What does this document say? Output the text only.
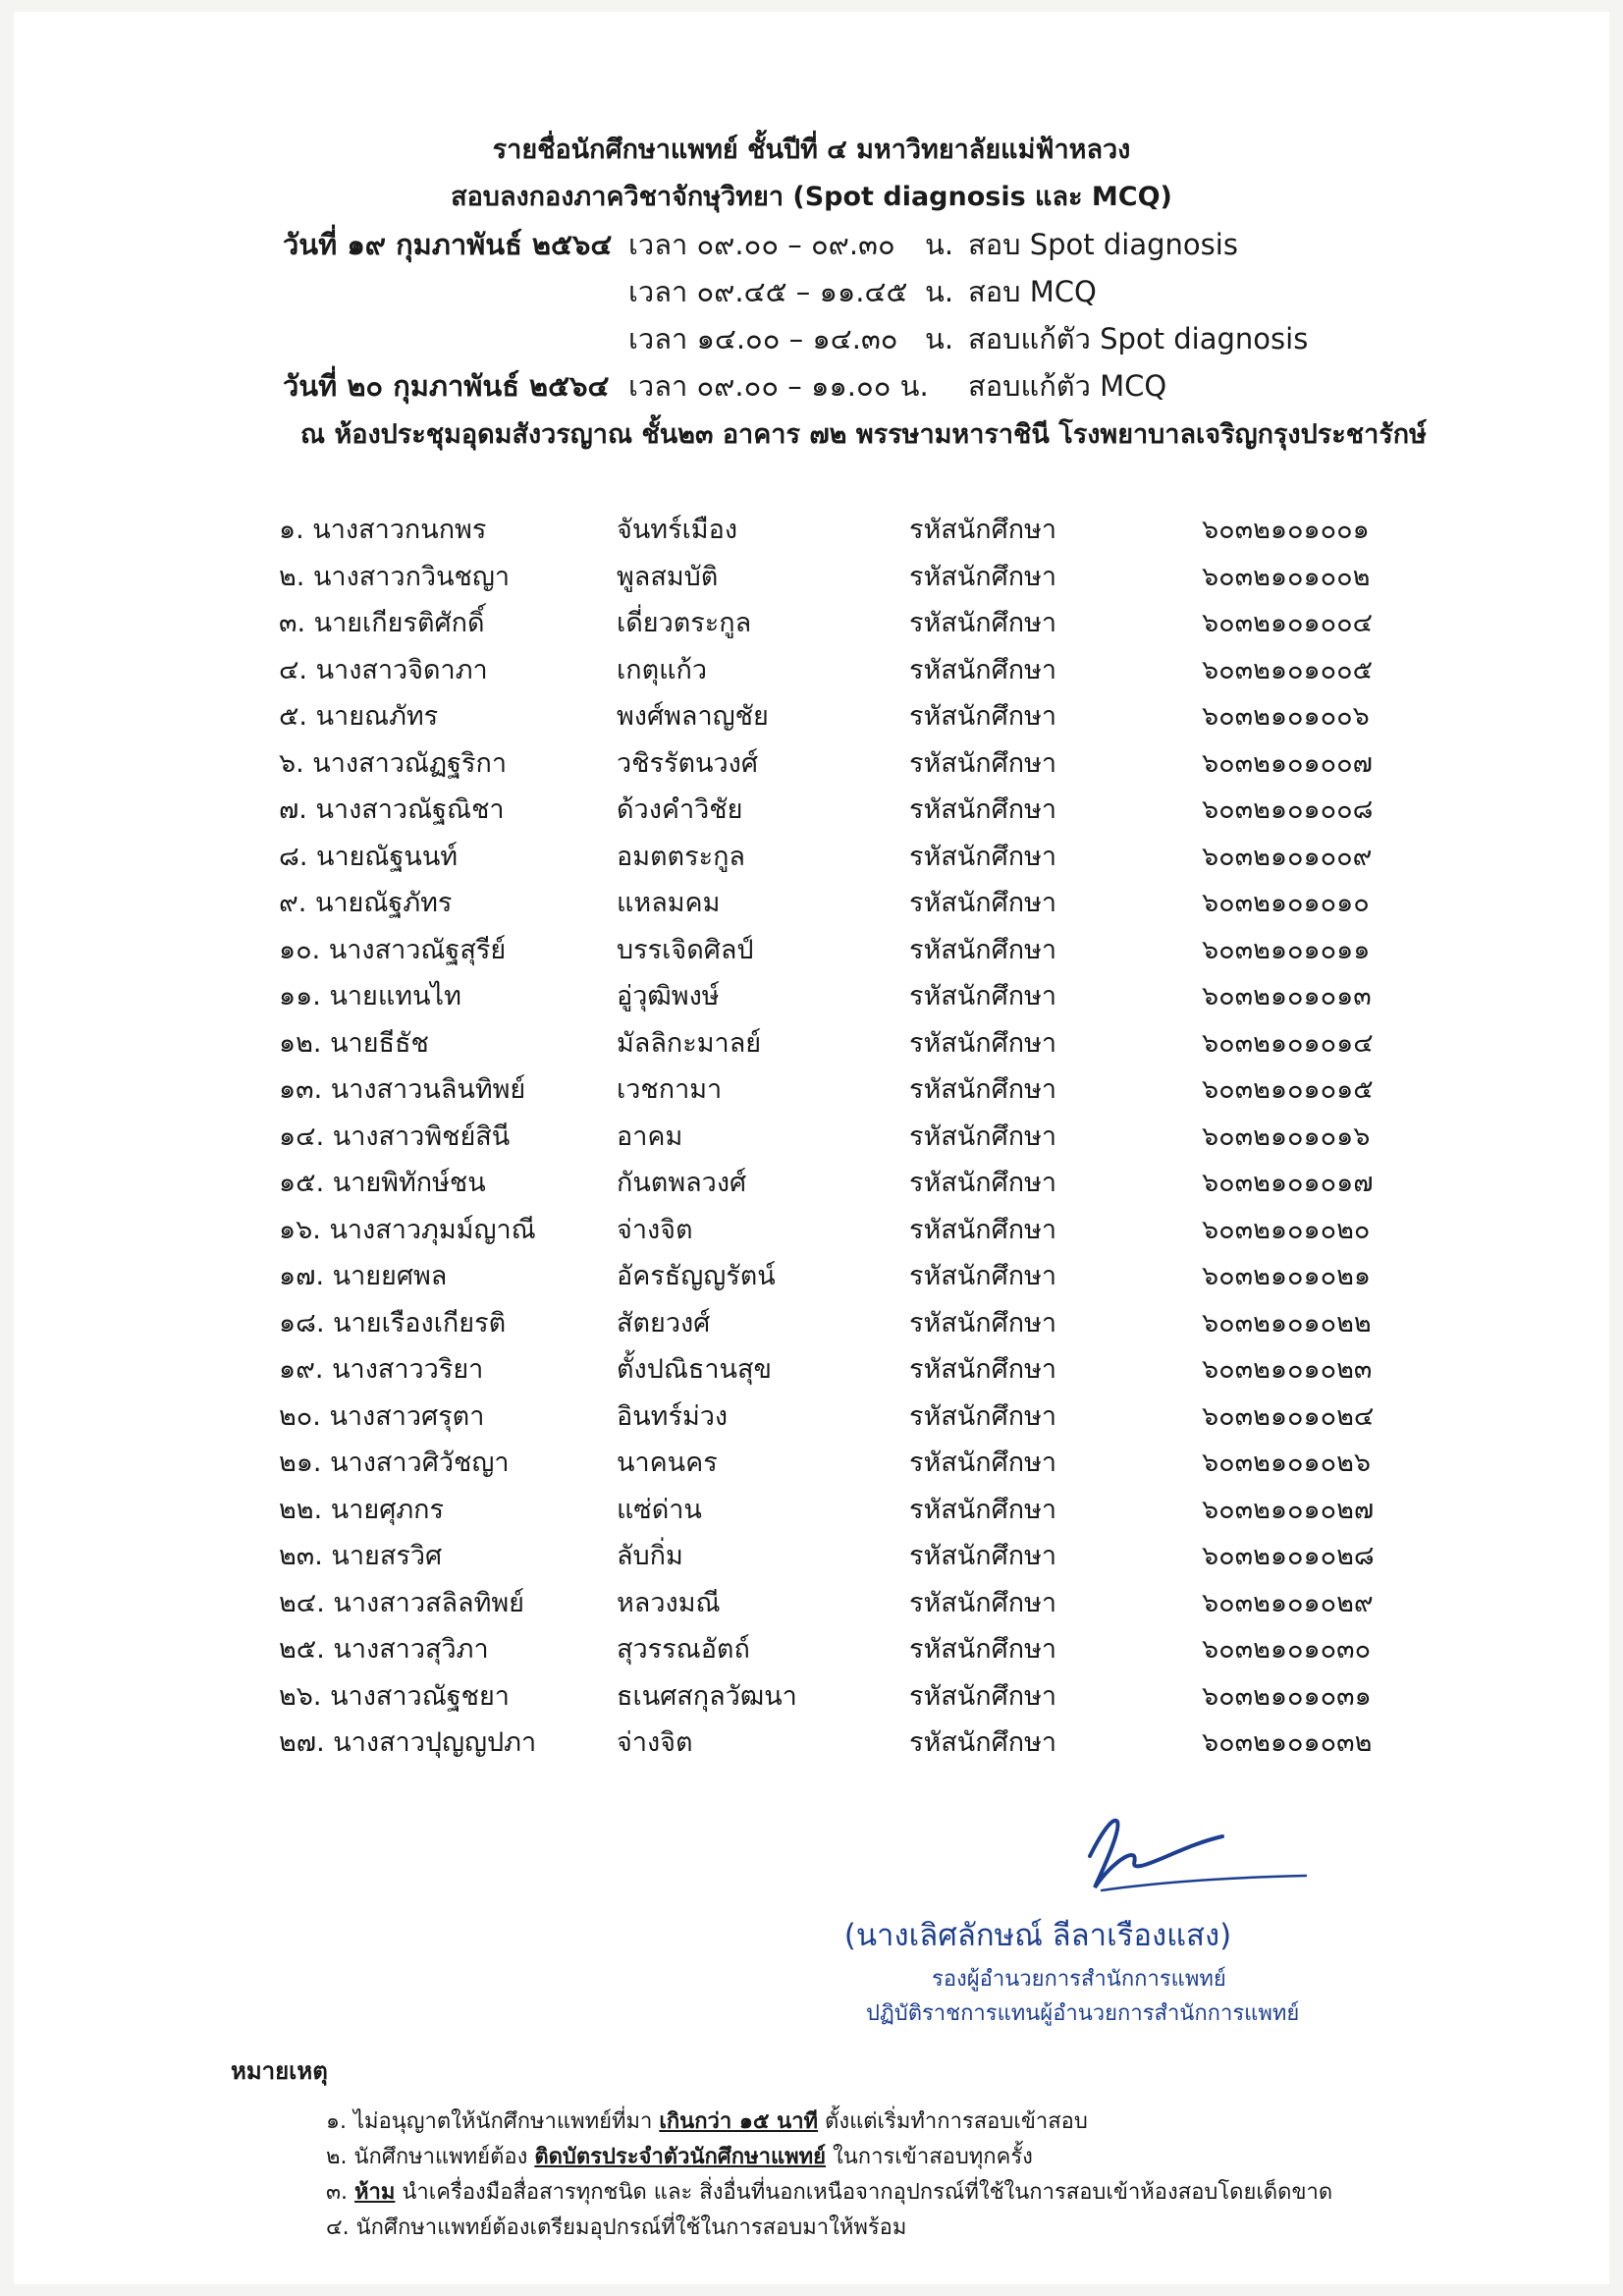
รายชื่อนักศึกษาแพทย์ ชั้นปีที่ ๔ มหาวิทยาลัยแม่ฟ้าหลวง
สอบลงกองภาควิชาจักษุวิทยา (Spot diagnosis และ MCQ)
วันที่ ๑๙ กุมภาพันธ์ ๒๕๖๔ เวลา ๐๙.๐๐ – ๐๙.๓๐ น. สอบ Spot diagnosis
เวลา ๐๙.๔๕ – ๑๑.๔๕ น. สอบ MCQ
เวลา ๑๔.๐๐ – ๑๔.๓๐ น. สอบแก้ตัว Spot diagnosis
วันที่ ๒๐ กุมภาพันธ์ ๒๕๖๔ เวลา ๐๙.๐๐ – ๑๑.๐๐ น. สอบแก้ตัว MCQ
ณ ห้องประชุมอุดมสังวรญาณ ชั้น๒๓ อาคาร ๗๒ พรรษามหาราชินี โรงพยาบาลเจริญกรุงประชารักษ์
๑. นางสาวกนกพร	จันทร์เมือง	รหัสนักศึกษา	๖๐๓๒๑๐๑๐๐๑
๒. นางสาวกวินชญา	พูลสมบัติ	รหัสนักศึกษา	๖๐๓๒๑๐๑๐๐๒
๓. นายเกียรติศักดิ์	เดี่ยวตระกูล	รหัสนักศึกษา	๖๐๓๒๑๐๑๐๐๔
๔. นางสาวจิดาภา	เกตุแก้ว	รหัสนักศึกษา	๖๐๓๒๑๐๑๐๐๕
๕. นายณภัทร	พงศ์พลาญชัย	รหัสนักศึกษา	๖๐๓๒๑๐๑๐๐๖
๖. นางสาวณัฏฐริกา	วชิรรัตนวงศ์	รหัสนักศึกษา	๖๐๓๒๑๐๑๐๐๗
๗. นางสาวณัฐณิชา	ด้วงคำวิชัย	รหัสนักศึกษา	๖๐๓๒๑๐๑๐๐๘
๘. นายณัฐนนท์	อมตตระกูล	รหัสนักศึกษา	๖๐๓๒๑๐๑๐๐๙
๙. นายณัฐภัทร	แหลมคม	รหัสนักศึกษา	๖๐๓๒๑๐๑๐๑๐
๑๐. นางสาวณัฐสุรีย์	บรรเจิดศิลป์	รหัสนักศึกษา	๖๐๓๒๑๐๑๐๑๑
๑๑. นายแทนไท	อู่วุฒิพงษ์	รหัสนักศึกษา	๖๐๓๒๑๐๑๐๑๓
๑๒. นายธีธัช	มัลลิกะมาลย์	รหัสนักศึกษา	๖๐๓๒๑๐๑๐๑๔
๑๓. นางสาวนลินทิพย์	เวชกามา	รหัสนักศึกษา	๖๐๓๒๑๐๑๐๑๕
๑๔. นางสาวพิชย์สินี	อาคม	รหัสนักศึกษา	๖๐๓๒๑๐๑๐๑๖
๑๕. นายพิทักษ์ชน	กันตพลวงศ์	รหัสนักศึกษา	๖๐๓๒๑๐๑๐๑๗
๑๖. นางสาวภุมม์ญาณี	จ่างจิต	รหัสนักศึกษา	๖๐๓๒๑๐๑๐๒๐
๑๗. นายยศพล	อัครธัญญรัตน์	รหัสนักศึกษา	๖๐๓๒๑๐๑๐๒๑
๑๘. นายเรืองเกียรติ	สัตยวงศ์	รหัสนักศึกษา	๖๐๓๒๑๐๑๐๒๒
๑๙. นางสาววริยา	ตั้งปณิธานสุข	รหัสนักศึกษา	๖๐๓๒๑๐๑๐๒๓
๒๐. นางสาวศรุตา	อินทร์ม่วง	รหัสนักศึกษา	๖๐๓๒๑๐๑๐๒๔
๒๑. นางสาวศิวัชญา	นาคนคร	รหัสนักศึกษา	๖๐๓๒๑๐๑๐๒๖
๒๒. นายศุภกร	แซ่ด่าน	รหัสนักศึกษา	๖๐๓๒๑๐๑๐๒๗
๒๓. นายสรวิศ	ลับกิ่ม	รหัสนักศึกษา	๖๐๓๒๑๐๑๐๒๘
๒๔. นางสาวสลิลทิพย์	หลวงมณี	รหัสนักศึกษา	๖๐๓๒๑๐๑๐๒๙
๒๕. นางสาวสุวิภา	สุวรรณอัตถ์	รหัสนักศึกษา	๖๐๓๒๑๐๑๐๓๐
๒๖. นางสาวณัฐชยา	ธเนศสกุลวัฒนา	รหัสนักศึกษา	๖๐๓๒๑๐๑๐๓๑
๒๗. นางสาวปุญญปภา	จ่างจิต	รหัสนักศึกษา	๖๐๓๒๑๐๑๐๓๒
(นางเลิศลักษณ์ ลีลาเรืองแสง)
รองผู้อำนวยการสำนักการแพทย์
ปฏิบัติราชการแทนผู้อำนวยการสำนักการแพทย์
หมายเหตุ
๑. ไม่อนุญาตให้นักศึกษาแพทย์ที่มา เกินกว่า ๑๕ นาที ตั้งแต่เริ่มทำการสอบเข้าสอบ
๒. นักศึกษาแพทย์ต้อง ติดบัตรประจำตัวนักศึกษาแพทย์ ในการเข้าสอบทุกครั้ง
๓. ห้าม นำเครื่องมือสื่อสารทุกชนิด และ สิ่งอื่นที่นอกเหนือจากอุปกรณ์ที่ใช้ในการสอบเข้าห้องสอบโดยเด็ดขาด
๔. นักศึกษาแพทย์ต้องเตรียมอุปกรณ์ที่ใช้ในการสอบมาให้พร้อม
